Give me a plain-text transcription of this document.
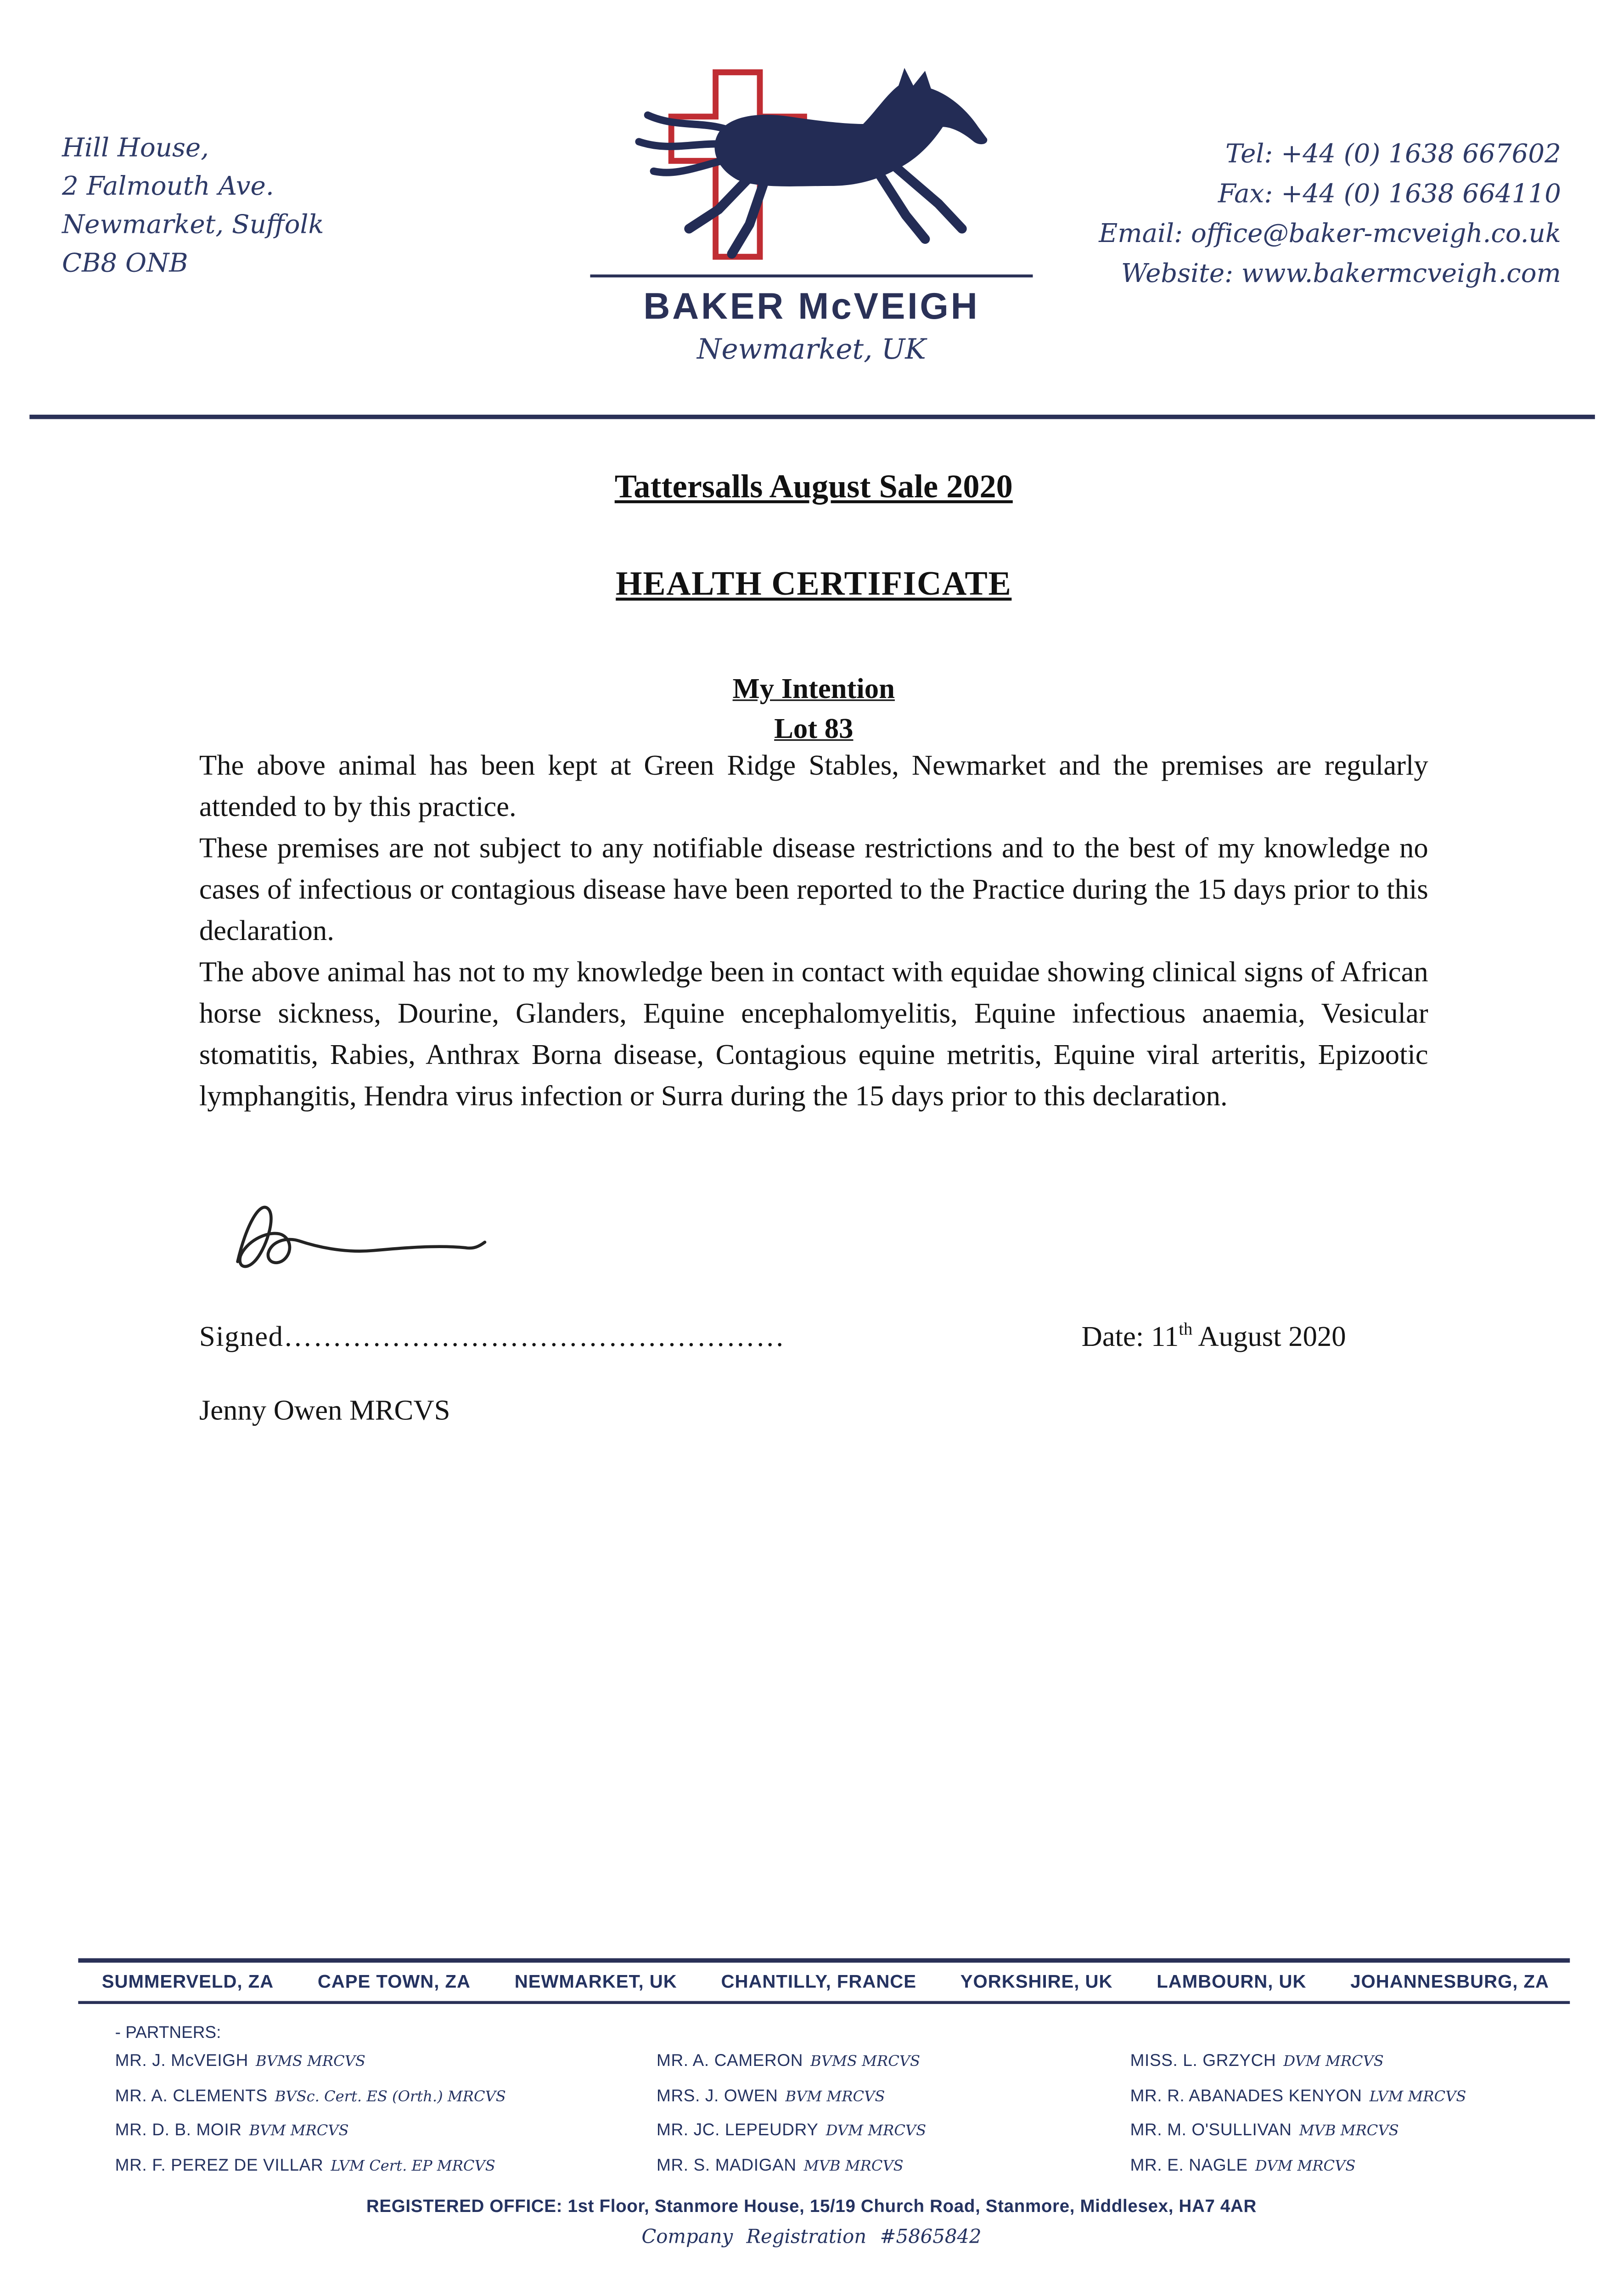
Hill House,
2 Falmouth Ave.
Newmarket, Suffolk
CB8 ONB
BAKER McVEIGH
Newmarket, UK
Tel: +44 (0) 1638 667602
Fax: +44 (0) 1638 664110
Email: office@baker-mcveigh.co.uk
Website: www.bakermcveigh.com
Tattersalls August Sale 2020
HEALTH CERTIFICATE
My Intention
Lot 83

The above animal has been kept at Green Ridge Stables, Newmarket and the premises are regularly attended to by this practice.

These premises are not subject to any notifiable disease restrictions and to the best of my knowledge no cases of infectious or contagious disease have been reported to the Practice during the 15 days prior to this declaration.

The above animal has not to my knowledge been in contact with equidae showing clinical signs of African horse sickness, Dourine, Glanders, Equine encephalomyelitis, Equine infectious anaemia, Vesicular stomatitis, Rabies, Anthrax Borna disease, Contagious equine metritis, Equine viral arteritis, Epizootic lymphangitis, Hendra virus infection or Surra during the 15 days prior to this declaration.

Signed……………………………………………	Date: 11th August 2020
Jenny Owen MRCVS
SUMMERVELD, ZA	CAPE TOWN, ZA	NEWMARKET, UK	CHANTILLY, FRANCE	YORKSHIRE, UK	LAMBOURN, UK	JOHANNESBURG, ZA
- PARTNERS:
MR. J. McVEIGH BVMS MRCVS
MR. A. CLEMENTS BVSc. Cert. ES (Orth.) MRCVS
MR. D. B. MOIR BVM MRCVS
MR. F. PEREZ DE VILLAR LVM Cert. EP MRCVS
MR. A. CAMERON BVMS MRCVS
MRS. J. OWEN BVM MRCVS
MR. JC. LEPEUDRY DVM MRCVS
MR. S. MADIGAN MVB MRCVS
MISS. L. GRZYCH DVM MRCVS
MR. R. ABANADES KENYON LVM MRCVS
MR. M. O'SULLIVAN MVB MRCVS
MR. E. NAGLE DVM MRCVS
REGISTERED OFFICE: 1st Floor, Stanmore House, 15/19 Church Road, Stanmore, Middlesex, HA7 4AR
Company Registration #5865842
